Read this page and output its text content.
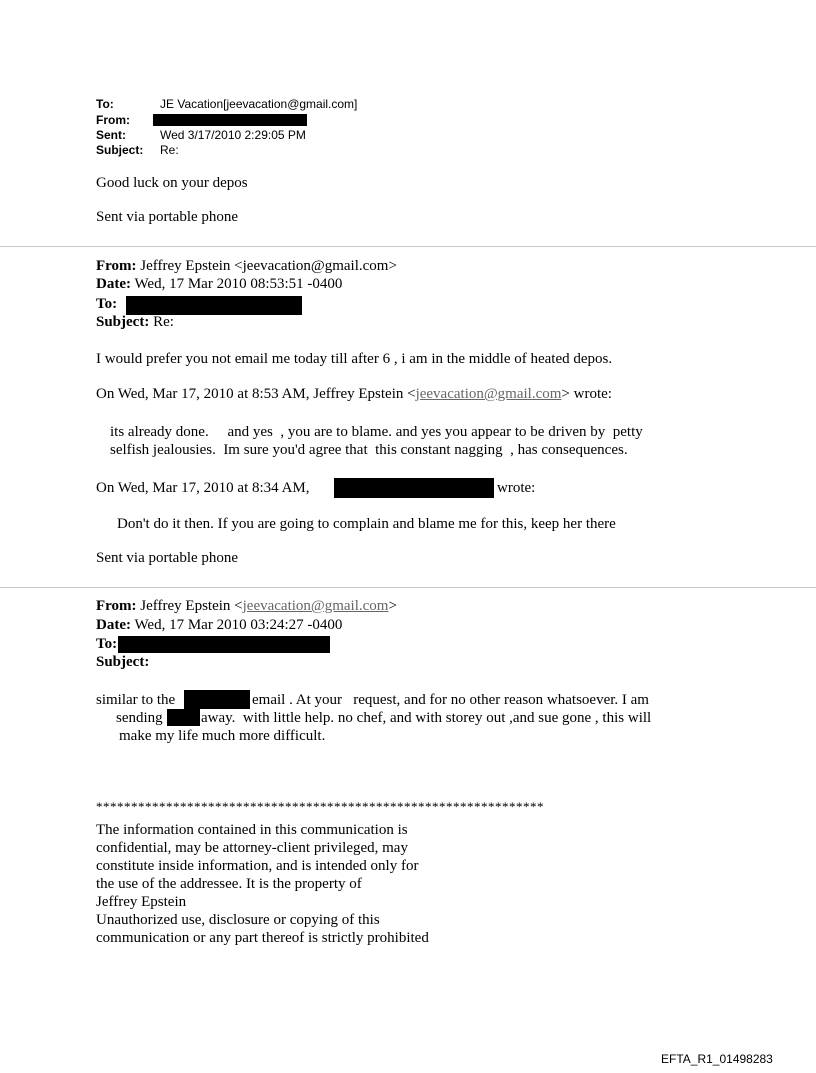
To:	JE Vacation[jeevacation@gmail.com]
From:
Sent:	Wed 3/17/2010 2:29:05 PM
Subject: Re:
Good luck on your depos
Sent via portable phone
From: Jeffrey Epstein <jeevacation@gmail.com>
Date: Wed, 17 Mar 2010 08:53:51 -0400
To:
Subject: Re:
I would prefer you not email me today till after 6 , i am in the middle of heated depos.
On Wed, Mar 17, 2010 at 8:53 AM, Jeffrey Epstein <jeevacation@gmail.com> wrote:
its already done.     and yes  , you are to blame. and yes you appear to be driven by  petty
selfish jealousies.  Im sure you'd agree that  this constant nagging  , has consequences.
On Wed, Mar 17, 2010 at 8:34 AM,	wrote:
Don't do it then. If you are going to complain and blame me for this, keep her there
Sent via portable phone
From: Jeffrey Epstein <jeevacation@gmail.com>
Date: Wed, 17 Mar 2010 03:24:27 -0400
To:
Subject:
similar to the	email . At your   request, and for no other reason whatsoever. I am
sending	away.  with little help. no chef, and with storey out ,and sue gone , this will
make my life much more difficult.
****************************************************************
The information contained in this communication is
confidential, may be attorney-client privileged, may
constitute inside information, and is intended only for
the use of the addressee. It is the property of
Jeffrey Epstein
Unauthorized use, disclosure or copying of this
communication or any part thereof is strictly prohibited
EFTA_R1_01498283
